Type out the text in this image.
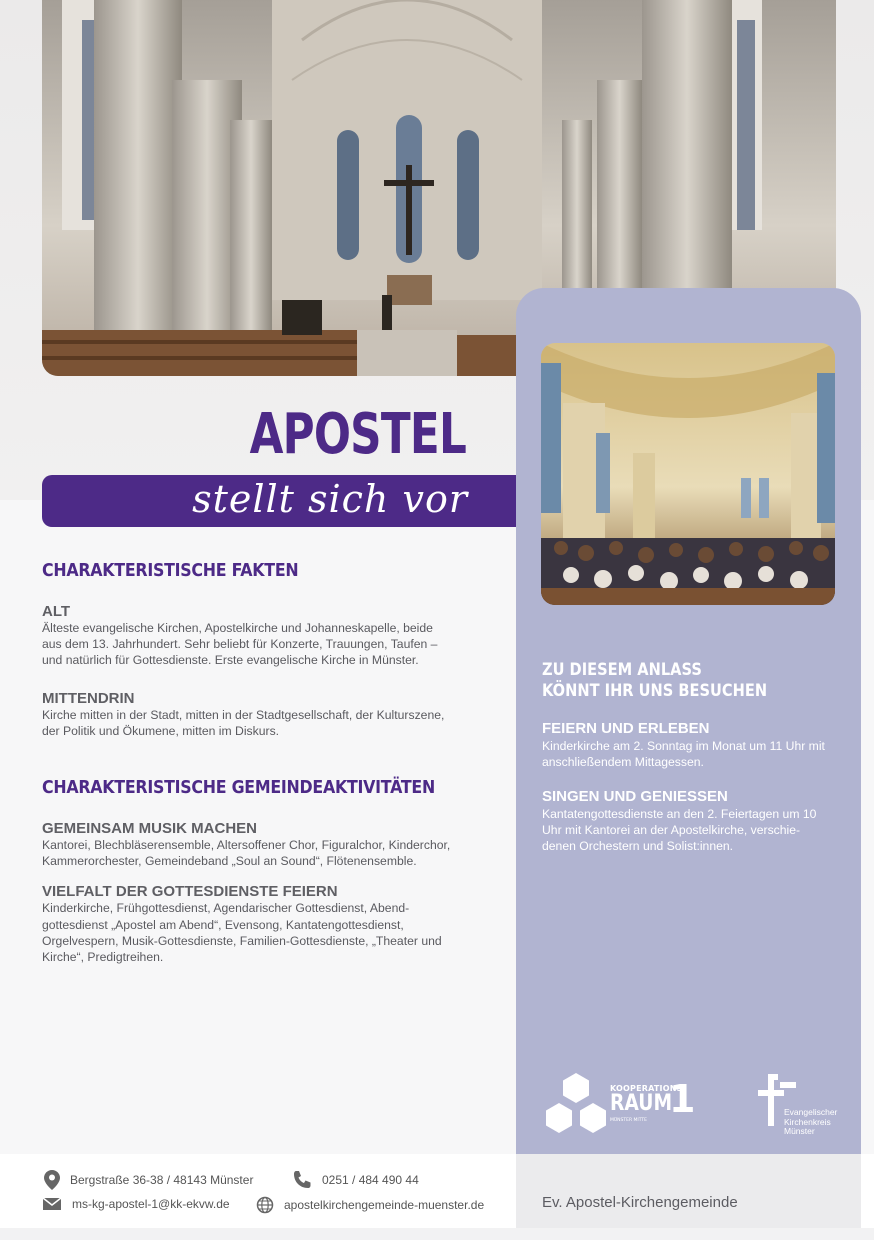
APOSTEL
stellt sich vor
CHARAKTERISTISCHE FAKTEN
ALT

Älteste evangelische Kirchen, Apostelkirche und Johanneskapelle, beide

aus dem 13. Jahrhundert. Sehr beliebt für Konzerte, Trauungen, Taufen –

und natürlich für Gottesdienste. Erste evangelische Kirche in Münster.

MITTENDRIN

Kirche mitten in der Stadt, mitten in der Stadtgesellschaft, der Kulturszene,

der Politik und Ökumene, mitten im Diskurs.

CHARAKTERISTISCHE GEMEINDEAKTIVITÄTEN
GEMEINSAM MUSIK MACHEN

Kantorei, Blechbläserensemble, Altersoffener Chor, Figuralchor, Kinderchor,

Kammerorchester, Gemeindeband „Soul an Sound“, Flötenensemble.

VIELFALT DER GOTTESDIENSTE FEIERN

Kinderkirche, Frühgottesdienst, Agendarischer Gottesdienst, Abend-

gottesdienst „Apostel am Abend“, Evensong, Kantatengottesdienst,

Orgelvespern, Musik-Gottesdienste, Familien-Gottesdienste, „Theater und

Kirche“, Predigtreihen.

ZU DIESEM ANLASS
KÖNNT IHR UNS BESUCHEN
FEIERN UND ERLEBEN
Kinderkirche am 2. Sonntag im Monat um 11 Uhr mit
anschließendem Mittagessen.
SINGEN UND GENIESSEN
Kantatengottesdienste an den 2. Feiertagen um 10
Uhr mit Kantorei an der Apostelkirche, verschie-
denen Orchestern und Solist:innen.
KOOPERATIONS
RAUM
1
MÜNSTER MITTE
Evangelischer
Kirchenkreis
Münster
Bergstraße 36-38 / 48143 Münster	0251 / 484 490 44
ms-kg-apostel-1@kk-ekvw.de	apostelkirchengemeinde-muenster.de	Ev. Apostel-Kirchengemeinde
